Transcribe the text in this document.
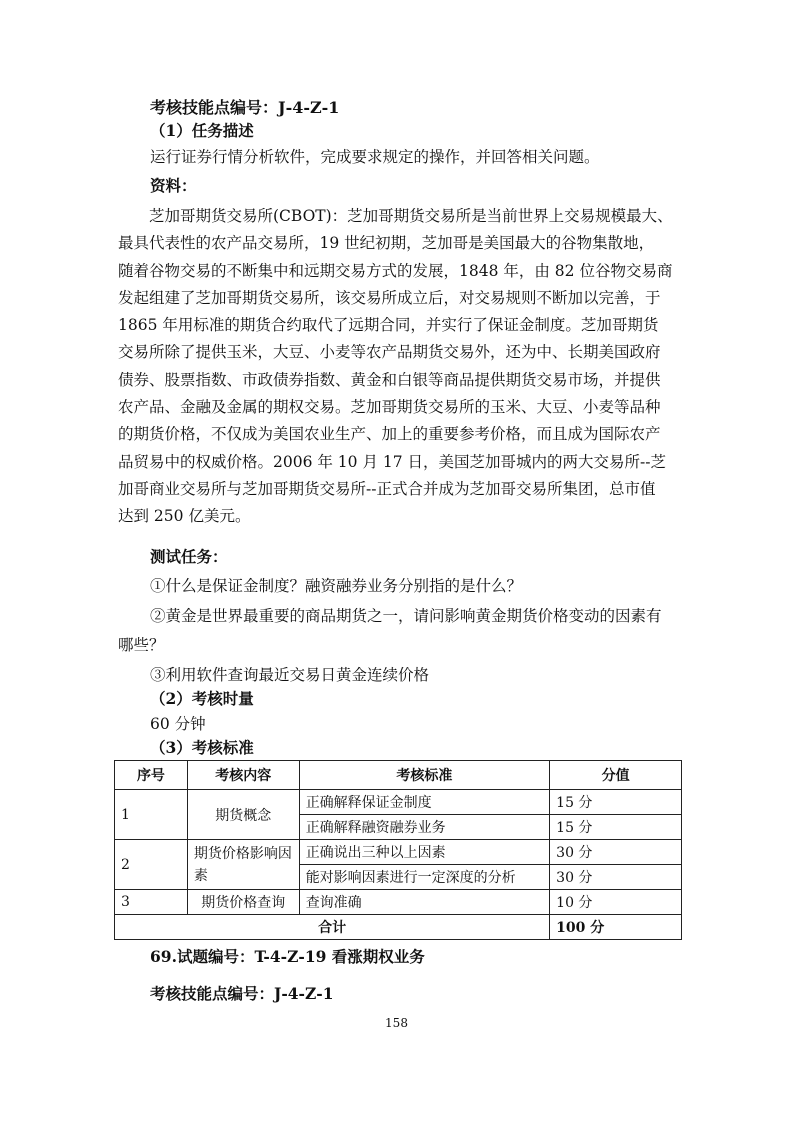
考核技能点编号：J-4-Z-1
（1）任务描述
运行证券行情分析软件，完成要求规定的操作，并回答相关问题。
资料：
芝加哥期货交易所(CBOT)：芝加哥期货交易所是当前世界上交易规模最大、
最具代表性的农产品交易所，19 世纪初期，芝加哥是美国最大的谷物集散地，
随着谷物交易的不断集中和远期交易方式的发展，1848 年，由 82 位谷物交易商
发起组建了芝加哥期货交易所，该交易所成立后，对交易规则不断加以完善，于
1865 年用标准的期货合约取代了远期合同，并实行了保证金制度。芝加哥期货
交易所除了提供玉米，大豆、小麦等农产品期货交易外，还为中、长期美国政府
债券、股票指数、市政债券指数、黄金和白银等商品提供期货交易市场，并提供
农产品、金融及金属的期权交易。芝加哥期货交易所的玉米、大豆、小麦等品种
的期货价格，不仅成为美国农业生产、加上的重要参考价格，而且成为国际农产
品贸易中的权威价格。2006 年 10 月 17 日，美国芝加哥城内的两大交易所--芝
加哥商业交易所与芝加哥期货交易所--正式合并成为芝加哥交易所集团，总市值
达到 250 亿美元。
测试任务：
①什么是保证金制度？融资融券业务分别指的是什么？
②黄金是世界最重要的商品期货之一，请问影响黄金期货价格变动的因素有
哪些？
③利用软件查询最近交易日黄金连续价格
（2）考核时量
60 分钟
（3）考核标准
序号	考核内容	考核标准	分值
1	期货概念	正确解释保证金制度	15 分
		正确解释融资融券业务	15 分
2	期货价格影响因素	正确说出三种以上因素	30 分
		能对影响因素进行一定深度的分析	30 分
3	期货价格查询	查询准确	10 分
合计			100 分
69.试题编号：T-4-Z-19 看涨期权业务
考核技能点编号：J-4-Z-1
158
